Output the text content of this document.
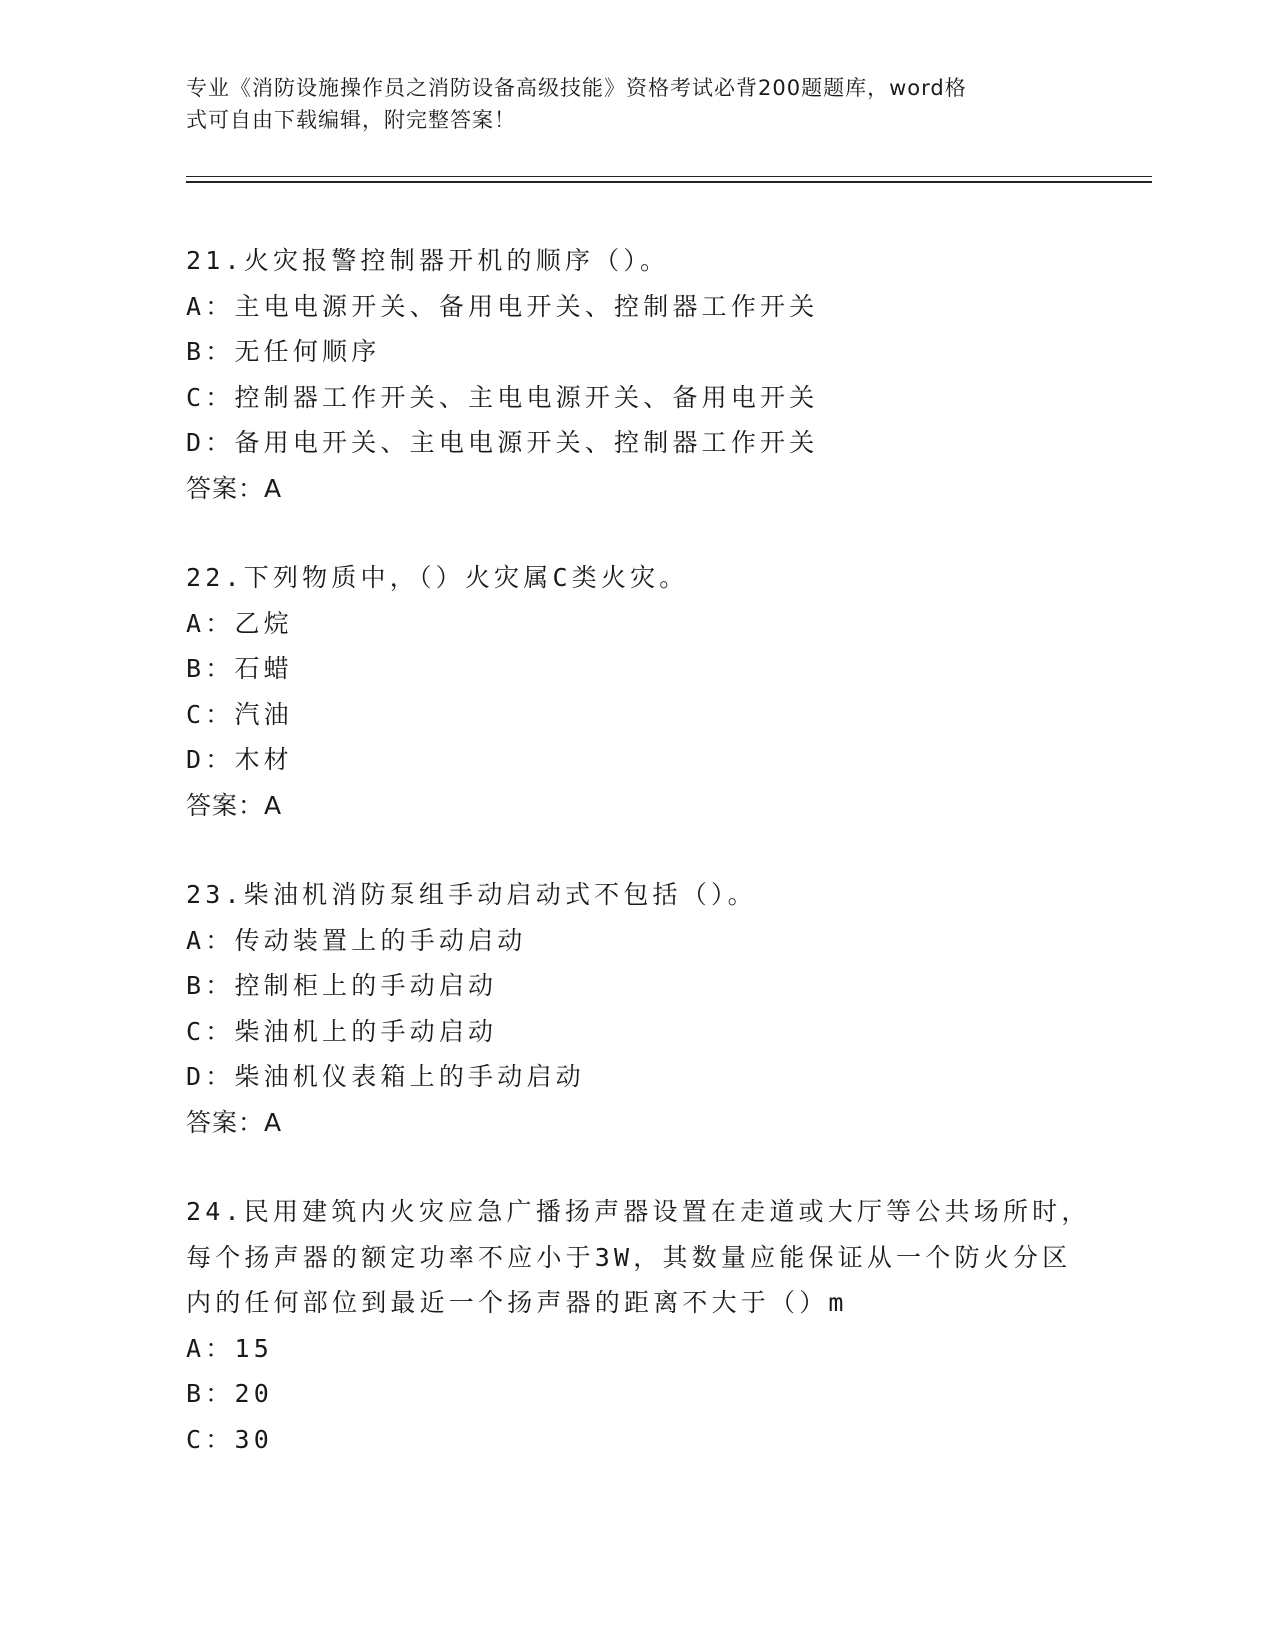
专业《消防设施操作员之消防设备高级技能》资格考试必背200题题库，word格
式可自由下载编辑，附完整答案！
21.火灾报警控制器开机的顺序（）。
A：主电电源开关、备用电开关、控制器工作开关
B：无任何顺序
C：控制器工作开关、主电电源开关、备用电开关
D：备用电开关、主电电源开关、控制器工作开关
答案：A
22.下列物质中，（）火灾属C类火灾。
A：乙烷
B：石蜡
C：汽油
D：木材
答案：A
23.柴油机消防泵组手动启动式不包括（）。
A：传动装置上的手动启动
B：控制柜上的手动启动
C：柴油机上的手动启动
D：柴油机仪表箱上的手动启动
答案：A
24.民用建筑内火灾应急广播扬声器设置在走道或大厅等公共场所时，
每个扬声器的额定功率不应小于3W，其数量应能保证从一个防火分区
内的任何部位到最近一个扬声器的距离不大于（）m
A：15
B：20
C：30
